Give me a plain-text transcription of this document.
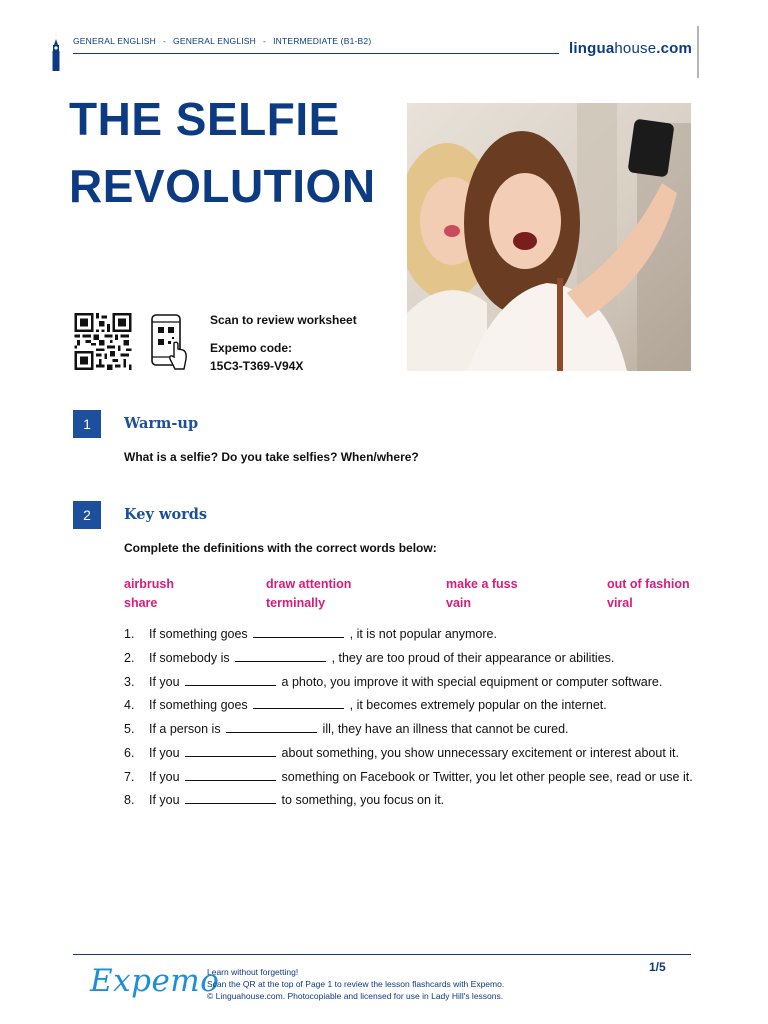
GENERAL ENGLISH - GENERAL ENGLISH - INTERMEDIATE (B1-B2)	linguahouse.com
THE SELFIE
REVOLUTION
Scan to review worksheet
Expemo code:
15C3-T369-V94X
1	Warm-up
What is a selfie? Do you take selfies? When/where?
2	Key words
Complete the definitions with the correct words below:
airbrush	draw attention	make a fuss	out of fashion
share	terminally	vain	viral
1. If something goes	, it is not popular anymore.
2. If somebody is	, they are too proud of their appearance or abilities.
3. If you	a photo, you improve it with special equipment or computer software.
4. If something goes	, it becomes extremely popular on the internet.
5. If a person is	ill, they have an illness that cannot be cured.
6. If you	about something, you show unnecessary excitement or interest about it.
7. If you	something on Facebook or Twitter, you let other people see, read or use it.
8. If you	to something, you focus on it.
Expemo
Learn without forgetting!
Scan the QR at the top of Page 1 to review the lesson flashcards with Expemo.
© Linguahouse.com. Photocopiable and licensed for use in Lady Hill's lessons.
1/5
